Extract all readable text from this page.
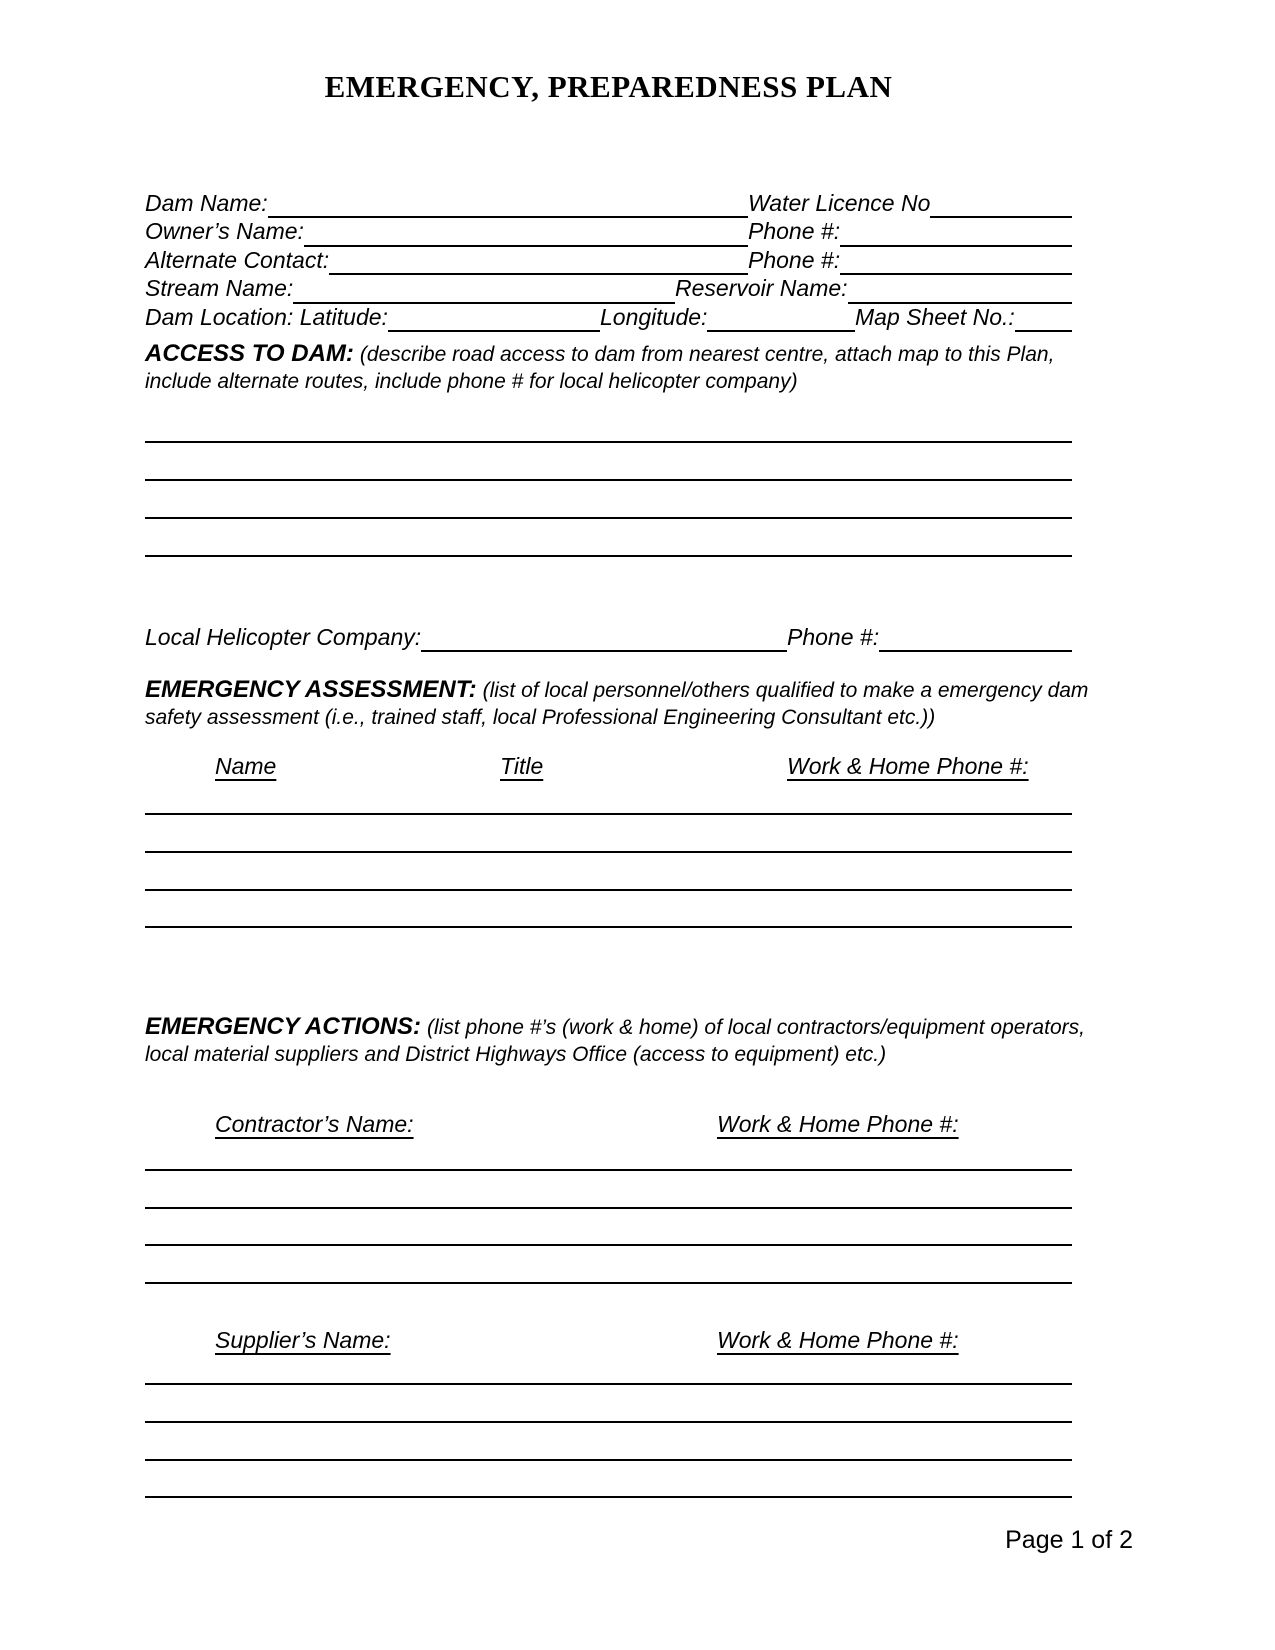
EMERGENCY, PREPAREDNESS PLAN
Dam Name:	Water Licence No
Owner’s Name:	Phone #:
Alternate Contact:	Phone #:
Stream Name:	Reservoir Name:
Dam Location: Latitude:	Longitude:	Map Sheet No.:

ACCESS TO DAM: (describe road access to dam from nearest centre, attach map to this Plan, include alternate routes, include phone # for local helicopter company)

Local Helicopter Company:	Phone #:

EMERGENCY ASSESSMENT: (list of local personnel/others qualified to make a emergency dam safety assessment (i.e., trained staff, local Professional Engineering Consultant etc.))

Name	Title	Work & Home Phone #:

EMERGENCY ACTIONS: (list phone #’s (work & home) of local contractors/equipment operators, local material suppliers and District Highways Office (access to equipment) etc.)

Contractor’s Name:	Work & Home Phone #:
Supplier’s Name:	Work & Home Phone #:
Page 1 of 2
